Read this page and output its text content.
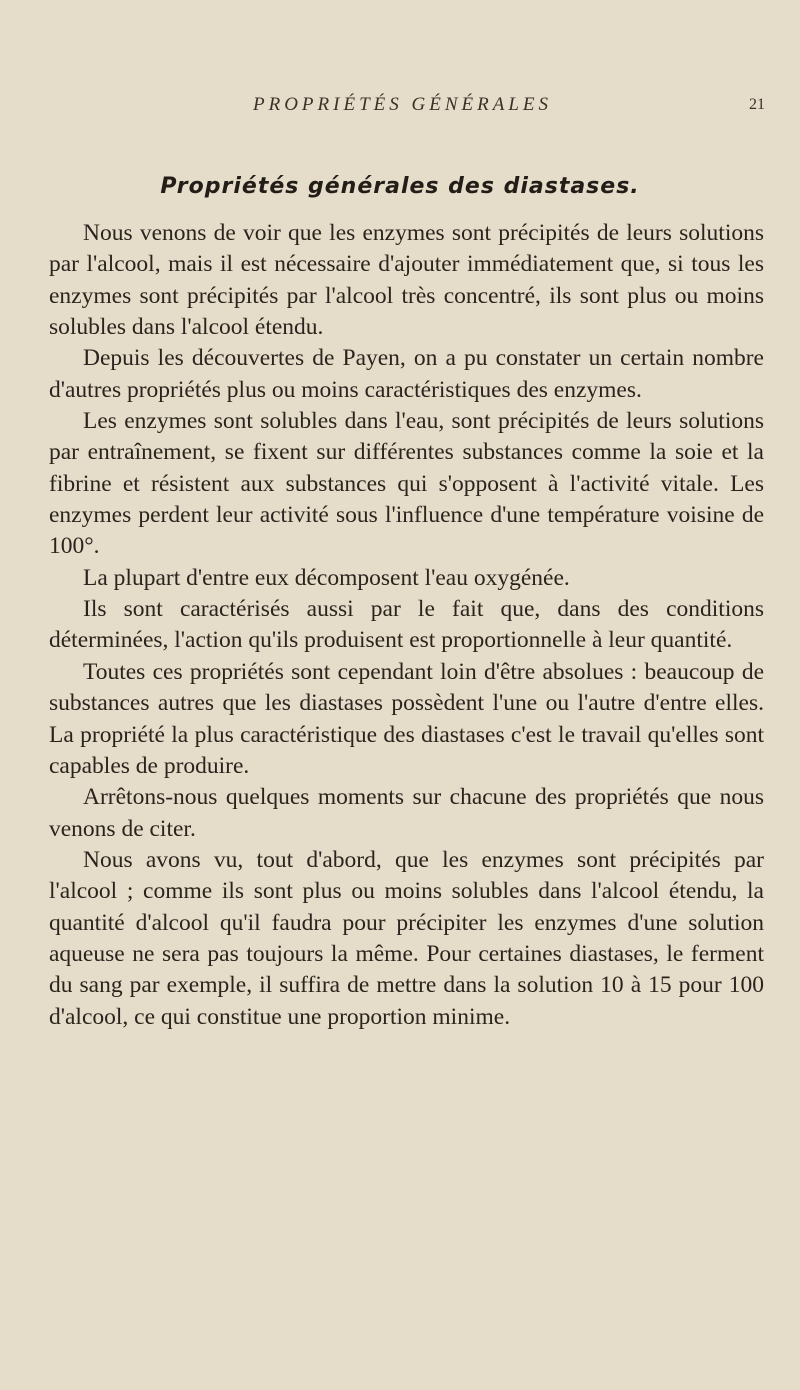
PROPRIÉTÉS GÉNÉRALES	21
Propriétés générales des diastases.

Nous venons de voir que les enzymes sont précipités de leurs solutions par l'alcool, mais il est nécessaire d'ajouter immédiatement que, si tous les enzymes sont précipités par l'alcool très concentré, ils sont plus ou moins solubles dans l'alcool étendu.

Depuis les découvertes de Payen, on a pu constater un certain nombre d'autres propriétés plus ou moins caractéristiques des enzymes.

Les enzymes sont solubles dans l'eau, sont précipités de leurs solutions par entraînement, se fixent sur différentes substances comme la soie et la fibrine et résistent aux substances qui s'opposent à l'activité vitale. Les enzymes perdent leur activité sous l'influence d'une température voisine de 100°.

La plupart d'entre eux décomposent l'eau oxygénée.

Ils sont caractérisés aussi par le fait que, dans des conditions déterminées, l'action qu'ils produisent est proportionnelle à leur quantité.

Toutes ces propriétés sont cependant loin d'être absolues : beaucoup de substances autres que les diastases possèdent l'une ou l'autre d'entre elles. La propriété la plus caractéristique des diastases c'est le travail qu'elles sont capables de produire.

Arrêtons-nous quelques moments sur chacune des propriétés que nous venons de citer.

Nous avons vu, tout d'abord, que les enzymes sont précipités par l'alcool ; comme ils sont plus ou moins solubles dans l'alcool étendu, la quantité d'alcool qu'il faudra pour précipiter les enzymes d'une solution aqueuse ne sera pas toujours la même. Pour certaines diastases, le ferment du sang par exemple, il suffira de mettre dans la solution 10 à 15 pour 100 d'alcool, ce qui constitue une proportion minime.
